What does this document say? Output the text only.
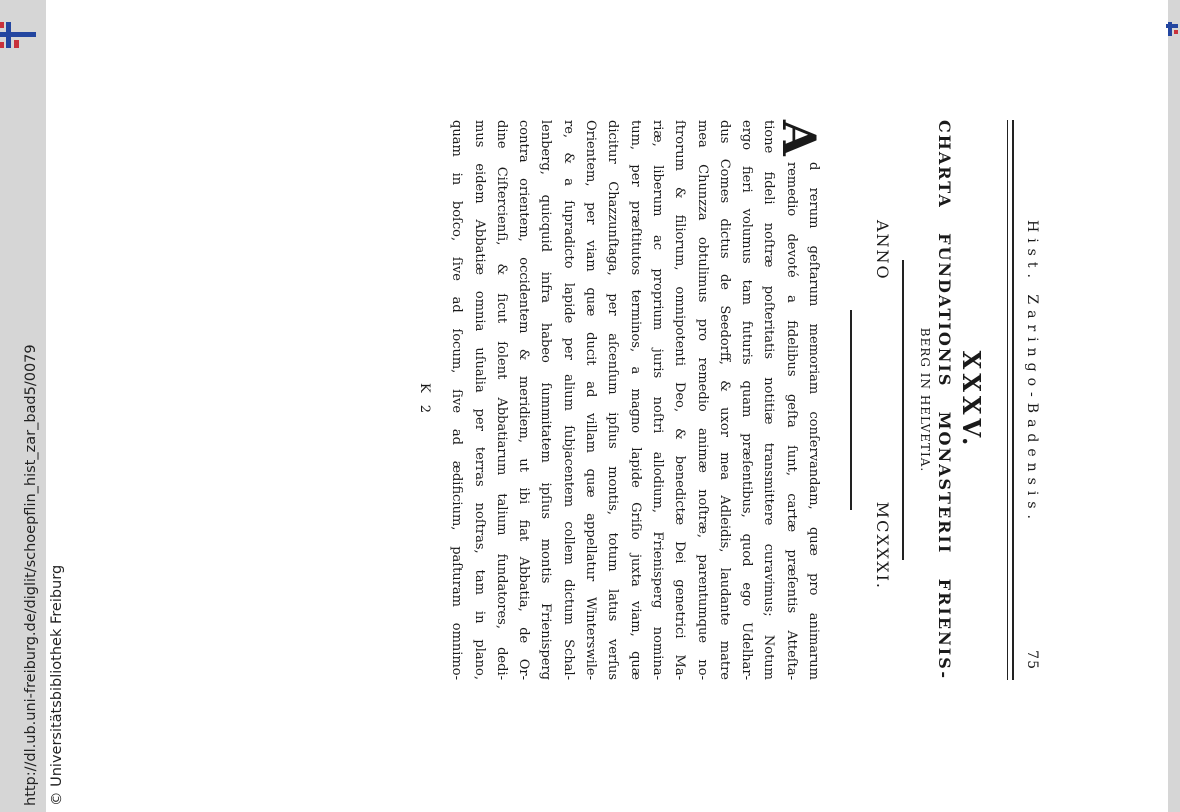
http://dl.ub.uni-freiburg.de/diglit/schoepflin_hist_zar_bad5/0079 © Universitätsbibliothek Freiburg
Hist. Zaringo-Badensis.
75
XXXV.
CHARTA FUNDATIONIS MONASTERII FRIENIS-
BERG IN HELVETIA.
ANNO MCXXXI.
A
d rerum geſtarum memoriam conſervandam, quæ pro animarum
remedio devoté a fidelibus geſta ſunt, cartæ præſentis Atteſta-
tione fideli noſtræ poſteritatis notitiæ transmittere curavimus; Notum
ergo fieri volumus tam futuris quam præſentibus, quod ego Udelhar-
dus Comes dictus de Seedorff, & uxor mea Adleidis, laudante matre
mea Chunzza obtulimus pro remedio animæ noſtræ, parentumque no-
ſtrorum & filiorum, omnipotenti Deo, & benedictæ Dei genetrici Ma-
riæ, liberum ac proprium juris noſtri allodium, Frienisperg nomina-
tum, per præſtitutos terminos, a magno lapide Griſio juxta viam, quæ
dicitur Chazzunſtaga, per aſcenſum ipſius montis, totum latus verſus
Orientem, per viam quæ ducit ad villam quæ appellatur Winterswile-
re, & a ſupradicto lapide per alium ſubjacentem collem dictum Schal-
lenberg, quicquid infra habeo ſummitatem ipſius montis Frienisperg
contra orientem, occidentem & meridiem, ut ibi fiat Abbatia, de Or-
dine Ciſtercienſi, & ſicut ſolent Abbatiarum talium fundatores, dedi-
mus eidem Abbatiæ omnia uſualia per terras noſtras, tam in plano,
quam in boſco, ſive ad ſocum, ſive ad ædificium, paſturam omnimo-
K 2
